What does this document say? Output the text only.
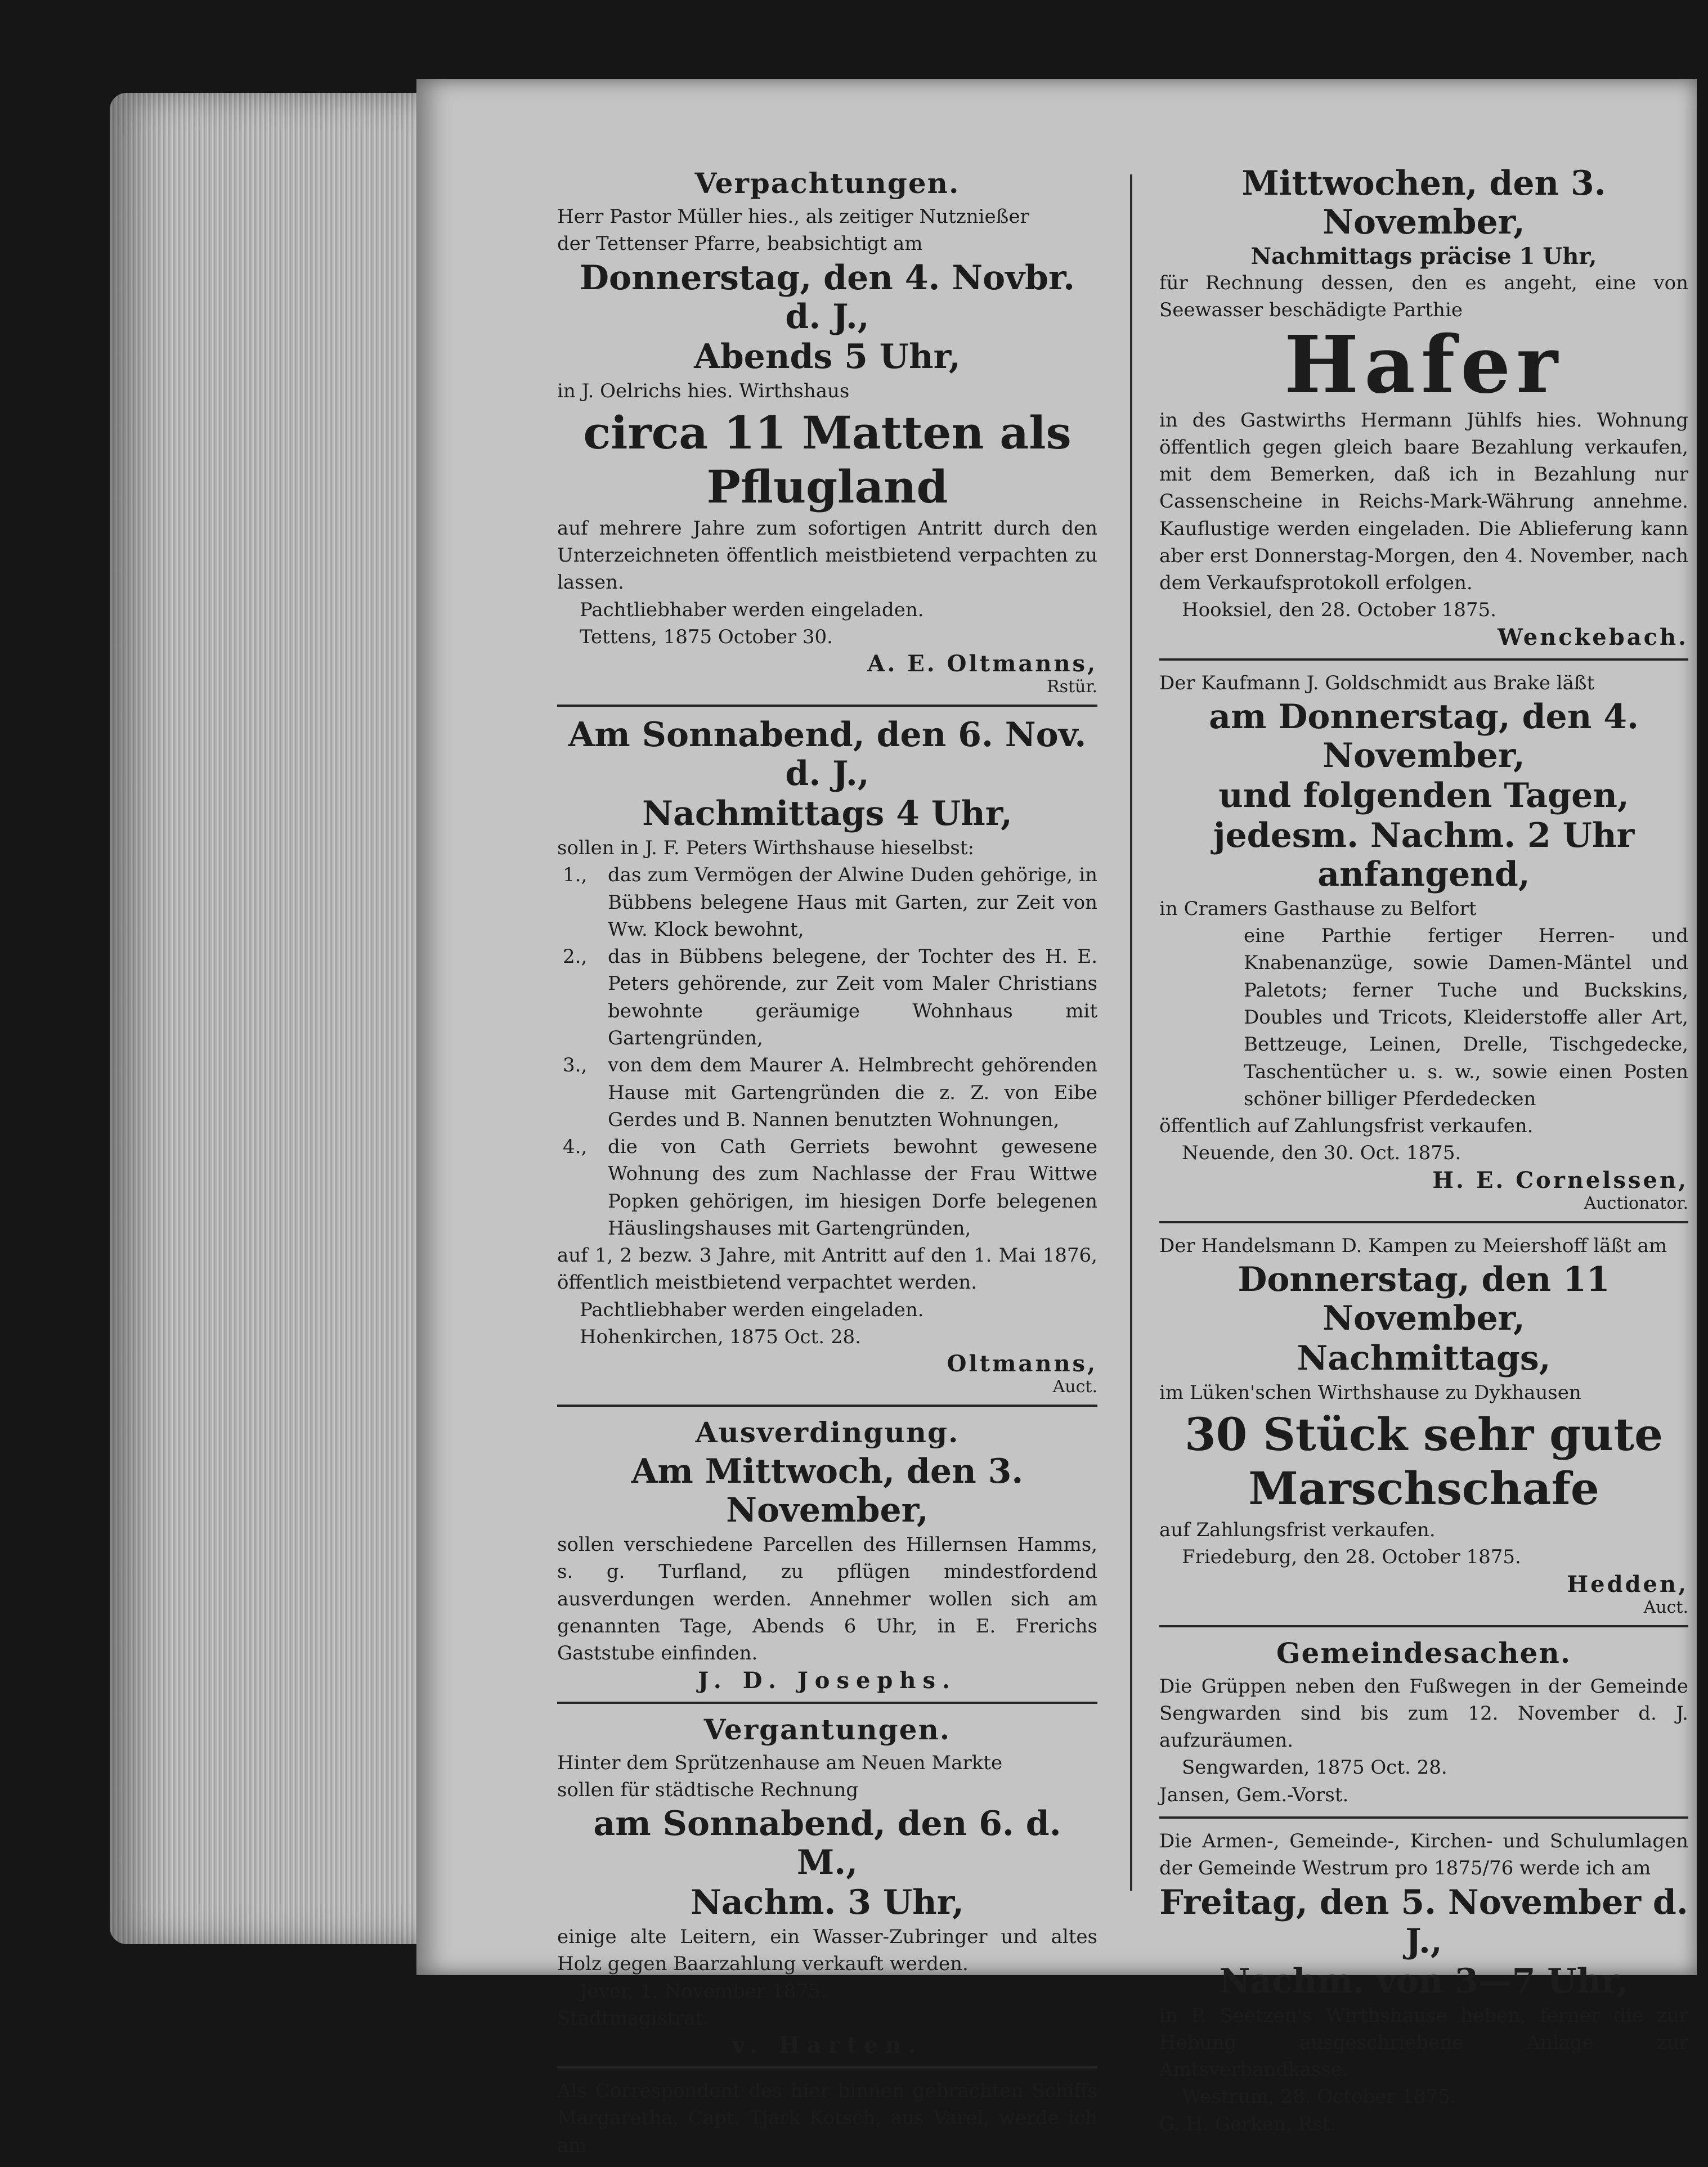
Verpachtungen.
Herr Pastor Müller hies., als zeitiger Nutznießer
der Tettenser Pfarre, beabsichtigt am
Donnerstag, den 4. Novbr. d. J.,
Abends 5 Uhr,
in J. Oelrichs hies. Wirthshaus
circa 11 Matten als
Pflugland
auf mehrere Jahre zum sofortigen Antritt durch den Unterzeichneten öffentlich meistbietend verpachten zu lassen.
Pachtliebhaber werden eingeladen.
Tettens, 1875 October 30.
A. E. Oltmanns,
Rstür.
Am Sonnabend, den 6. Nov. d. J.,
Nachmittags 4 Uhr,
sollen in J. F. Peters Wirthshause hieselbst:
1.,	das zum Vermögen der Alwine Duden gehörige, in Bübbens belegene Haus mit Garten, zur Zeit von Ww. Klock bewohnt,
2.,	das in Bübbens belegene, der Tochter des H. E. Peters gehörende, zur Zeit vom Maler Christians bewohnte geräumige Wohnhaus mit Gartengründen,
3.,	von dem dem Maurer A. Helmbrecht gehörenden Hause mit Gartengründen die z. Z. von Eibe Gerdes und B. Nannen benutzten Wohnungen,
4.,	die von Cath Gerriets bewohnt gewesene Wohnung des zum Nachlasse der Frau Wittwe Popken gehörigen, im hiesigen Dorfe belegenen Häuslingshauses mit Gartengründen,
auf 1, 2 bezw. 3 Jahre, mit Antritt auf den 1. Mai 1876, öffentlich meistbietend verpachtet werden.
Pachtliebhaber werden eingeladen.
Hohenkirchen, 1875 Oct. 28.
Oltmanns,
Auct.
Ausverdingung.
Am Mittwoch, den 3. November,
sollen verschiedene Parcellen des Hillernsen Hamms, s. g. Turfland, zu pflügen mindestfordend ausverdungen werden. Annehmer wollen sich am genannten Tage, Abends 6 Uhr, in E. Frerichs Gaststube einfinden.
J. D. Josephs.
Vergantungen.
Hinter dem Sprützenhause am Neuen Markte
sollen für städtische Rechnung
am Sonnabend, den 6. d. M.,
Nachm. 3 Uhr,
einige alte Leitern, ein Wasser-Zubringer und altes Holz gegen Baarzahlung verkauft werden.
Jever, 1. November 1875.
Stadtmagistrat.
v. Harten.
Als Correspondent des hier binnen gebrachten Schiffs Margaretha, Capt. Tjark Kotsch, aus Varel, werde ich am
Mittwochen, den 3. November,
Nachmittags präcise 1 Uhr,
für Rechnung dessen, den es angeht, eine von Seewasser beschädigte Parthie
Hafer
in des Gastwirths Hermann Jühlfs hies. Wohnung öffentlich gegen gleich baare Bezahlung verkaufen, mit dem Bemerken, daß ich in Bezahlung nur Cassenscheine in Reichs-Mark-Währung annehme. Kauflustige werden eingeladen. Die Ablieferung kann aber erst Donnerstag-Morgen, den 4. November, nach dem Verkaufsprotokoll erfolgen.
Hooksiel, den 28. October 1875.
Wenckebach.
Der Kaufmann J. Goldschmidt aus Brake läßt
am Donnerstag, den 4. November,
und folgenden Tagen,
jedesm. Nachm. 2 Uhr anfangend,
in Cramers Gasthause zu Belfort
eine Parthie fertiger Herren- und Knabenanzüge, sowie Damen-Mäntel und Paletots; ferner Tuche und Buckskins, Doubles und Tricots, Kleiderstoffe aller Art, Bettzeuge, Leinen, Drelle, Tischgedecke, Taschentücher u. s. w., sowie einen Posten schöner billiger Pferdedecken
öffentlich auf Zahlungsfrist verkaufen.
Neuende, den 30. Oct. 1875.
H. E. Cornelssen,
Auctionator.
Der Handelsmann D. Kampen zu Meiershoff läßt am
Donnerstag, den 11 November,
Nachmittags,
im Lüken'schen Wirthshause zu Dykhausen
30 Stück sehr gute
Marschschafe
auf Zahlungsfrist verkaufen.
Friedeburg, den 28. October 1875.
Hedden,
Auct.
Gemeindesachen.
Die Grüppen neben den Fußwegen in der Gemeinde Sengwarden sind bis zum 12. November d. J. aufzuräumen.
Sengwarden, 1875 Oct. 28.
Jansen, Gem.-Vorst.
Die Armen-, Gemeinde-, Kirchen- und Schulumlagen der Gemeinde Westrum pro 1875/76 werde ich am
Freitag, den 5. November d. J.,
Nachm. von 3—7 Uhr,
in P. Seetzen's Wirthshause heben, ferner die zur Hebung ausgeschriebene Anlage zur Amtsverbandkasse.
Westrum, 28. October 1875.
G. H. Gerken, Rst.
